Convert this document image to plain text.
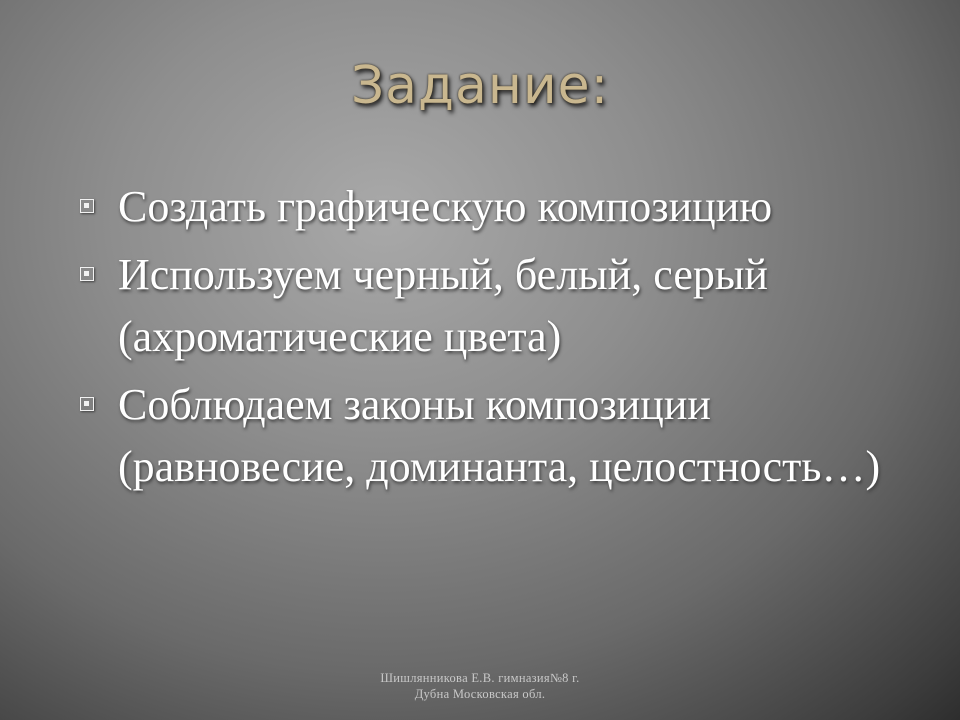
Задание:
Создать графическую композицию
Используем черный, белый, серый (ахроматические цвета)
Соблюдаем законы композиции (равновесие, доминанта, целостность…)
Шишлянникова Е.В. гимназия№8 г.
Дубна Московская обл.
